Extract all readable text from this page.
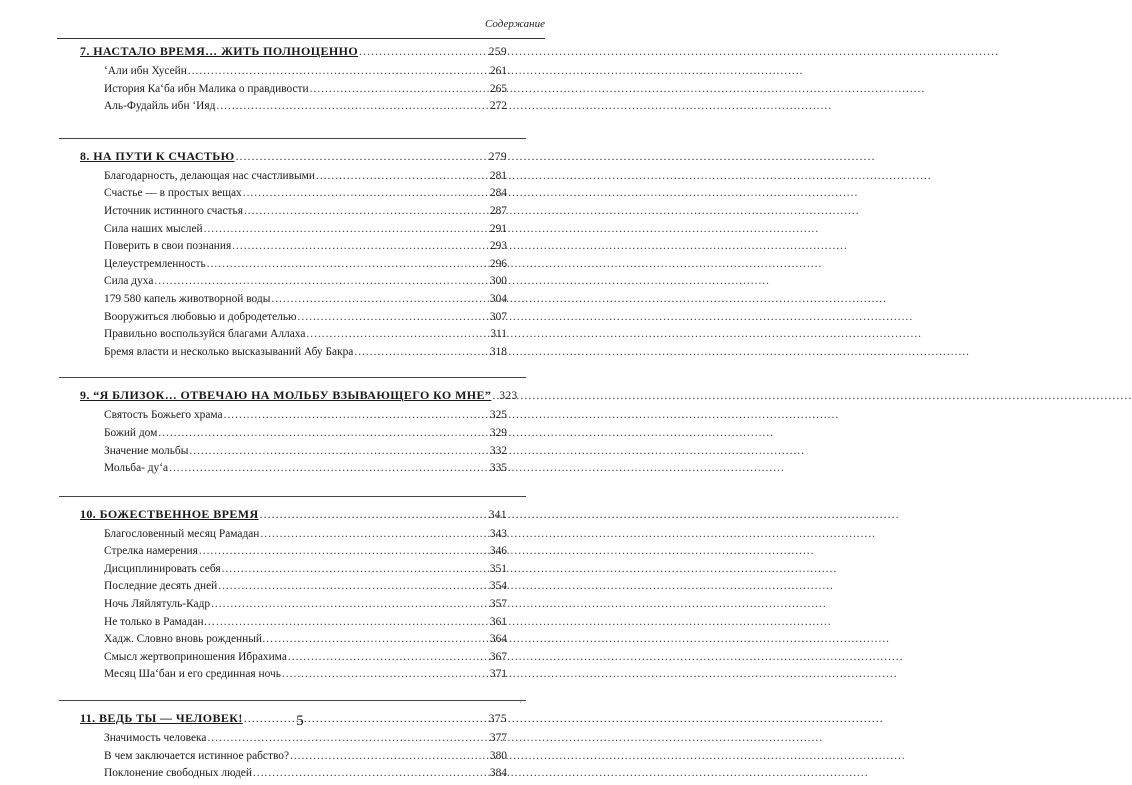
Содержание
7. НАСТАЛО ВРЕМЯ… ЖИТЬ ПОЛНОЦЕННО .....	259
ʻАли ибн Хусейн .....	261
История Каʻба ибн Малика о правдивости .....	265
Аль-Фудайль ибн ʻИяд .....	272
8. НА ПУТИ К СЧАСТЬЮ .....	279
Благодарность, делающая нас счастливыми .....	281
Счастье — в простых вещах .....	284
Источник истинного счастья .....	287
Сила наших мыслей .....	291
Поверить в свои познания .....	293
Целеустремленность .....	296
Сила духа .....	300
179 580 капель животворной воды .....	304
Вооружиться любовью и добродетелью .....	307
Правильно воспользуйся благами Аллаха .....	311
Бремя власти и несколько высказываний Абу Бакра .....	318
9. “Я БЛИЗОК… ОТВЕЧАЮ НА МОЛЬБУ ВЗЫВАЮЩЕГО КО МНЕ” ..... 323
Святость Божьего храма .....	325
Божий дом .....	329
Значение мольбы .....	332
Мольба- дуʻа .....	335
10. БОЖЕСТВЕННОЕ ВРЕМЯ .....	341
Благословенный месяц Рамадан .....	343
Стрелка намерения .....	346
Дисциплинировать себя .....	351
Последние десять дней .....	354
Ночь Ляйлятуль-Кадр .....	357
Не только в Рамадан… .....	361
Хадж. Словно вновь рожденный… .....	364
Смысл жертвоприношения Ибрахима .....	367
Месяц Шаʻбан и его срединная ночь .....	371
11. ВЕДЬ ТЫ — ЧЕЛОВЕК! .....	375
Значимость человека .....	377
В чем заключается истинное рабство? .....	380
Поклонение свободных людей .....	384
ˌ
5
